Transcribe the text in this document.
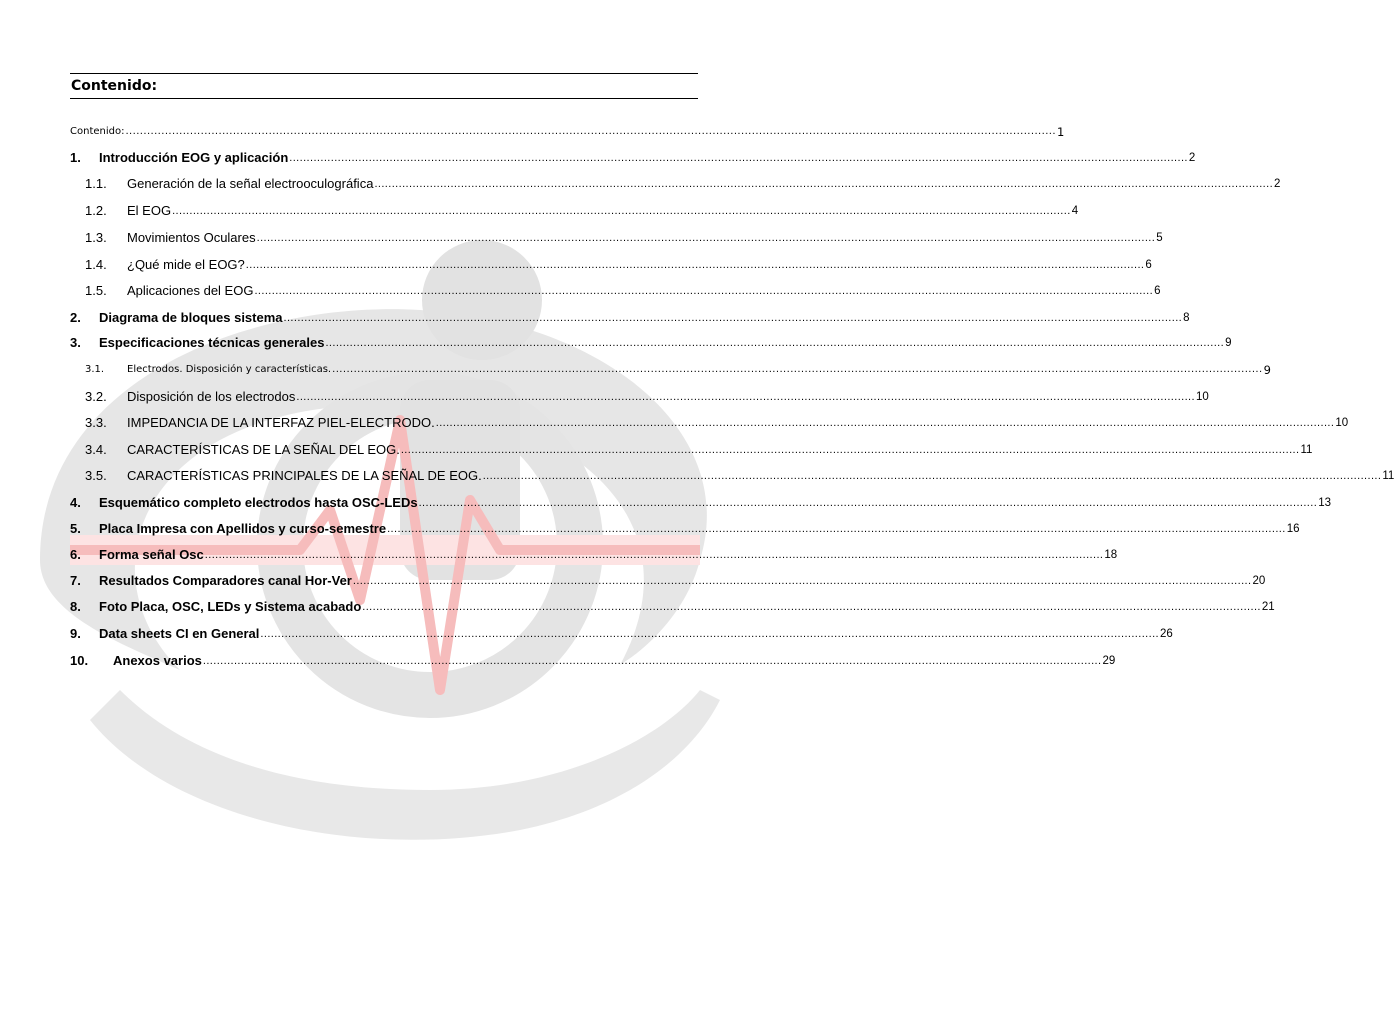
Contenido:
Contenido: .................................................................................................................................................................................................................................................................... 1
1.	Introducción EOG y aplicación .................................................................................................................................................................................................................................................................... 2
1.1.	Generación de la señal electrooculográfica .................................................................................................................................................................................................................................................................... 2
1.2.	El EOG .................................................................................................................................................................................................................................................................... 4
1.3.	Movimientos Oculares .................................................................................................................................................................................................................................................................... 5
1.4.	¿Qué mide el EOG? .................................................................................................................................................................................................................................................................... 6
1.5.	Aplicaciones del EOG .................................................................................................................................................................................................................................................................... 6
2.	Diagrama de bloques sistema .................................................................................................................................................................................................................................................................... 8
3.	Especificaciones técnicas generales .................................................................................................................................................................................................................................................................... 9
3.1.	Electrodos. Disposición y características. .................................................................................................................................................................................................................................................................... 9
3.2.	Disposición de los electrodos .................................................................................................................................................................................................................................................................... 10
3.3.	IMPEDANCIA DE LA INTERFAZ PIEL-ELECTRODO. .................................................................................................................................................................................................................................................................... 10
3.4.	CARACTERÍSTICAS DE LA SEÑAL DEL EOG. .................................................................................................................................................................................................................................................................... 11
3.5.	CARACTERÍSTICAS PRINCIPALES DE LA SEÑAL DE EOG. .................................................................................................................................................................................................................................................................... 11
4.	Esquemático completo electrodos hasta OSC-LEDs .................................................................................................................................................................................................................................................................... 13
5.	Placa Impresa con Apellidos y curso-semestre .................................................................................................................................................................................................................................................................... 16
6.	Forma señal Osc .................................................................................................................................................................................................................................................................... 18
7.	Resultados Comparadores canal Hor-Ver .................................................................................................................................................................................................................................................................... 20
8.	Foto Placa, OSC, LEDs y Sistema acabado .................................................................................................................................................................................................................................................................... 21
9.	Data sheets CI en General .................................................................................................................................................................................................................................................................... 26
10.	Anexos varios .................................................................................................................................................................................................................................................................... 29
